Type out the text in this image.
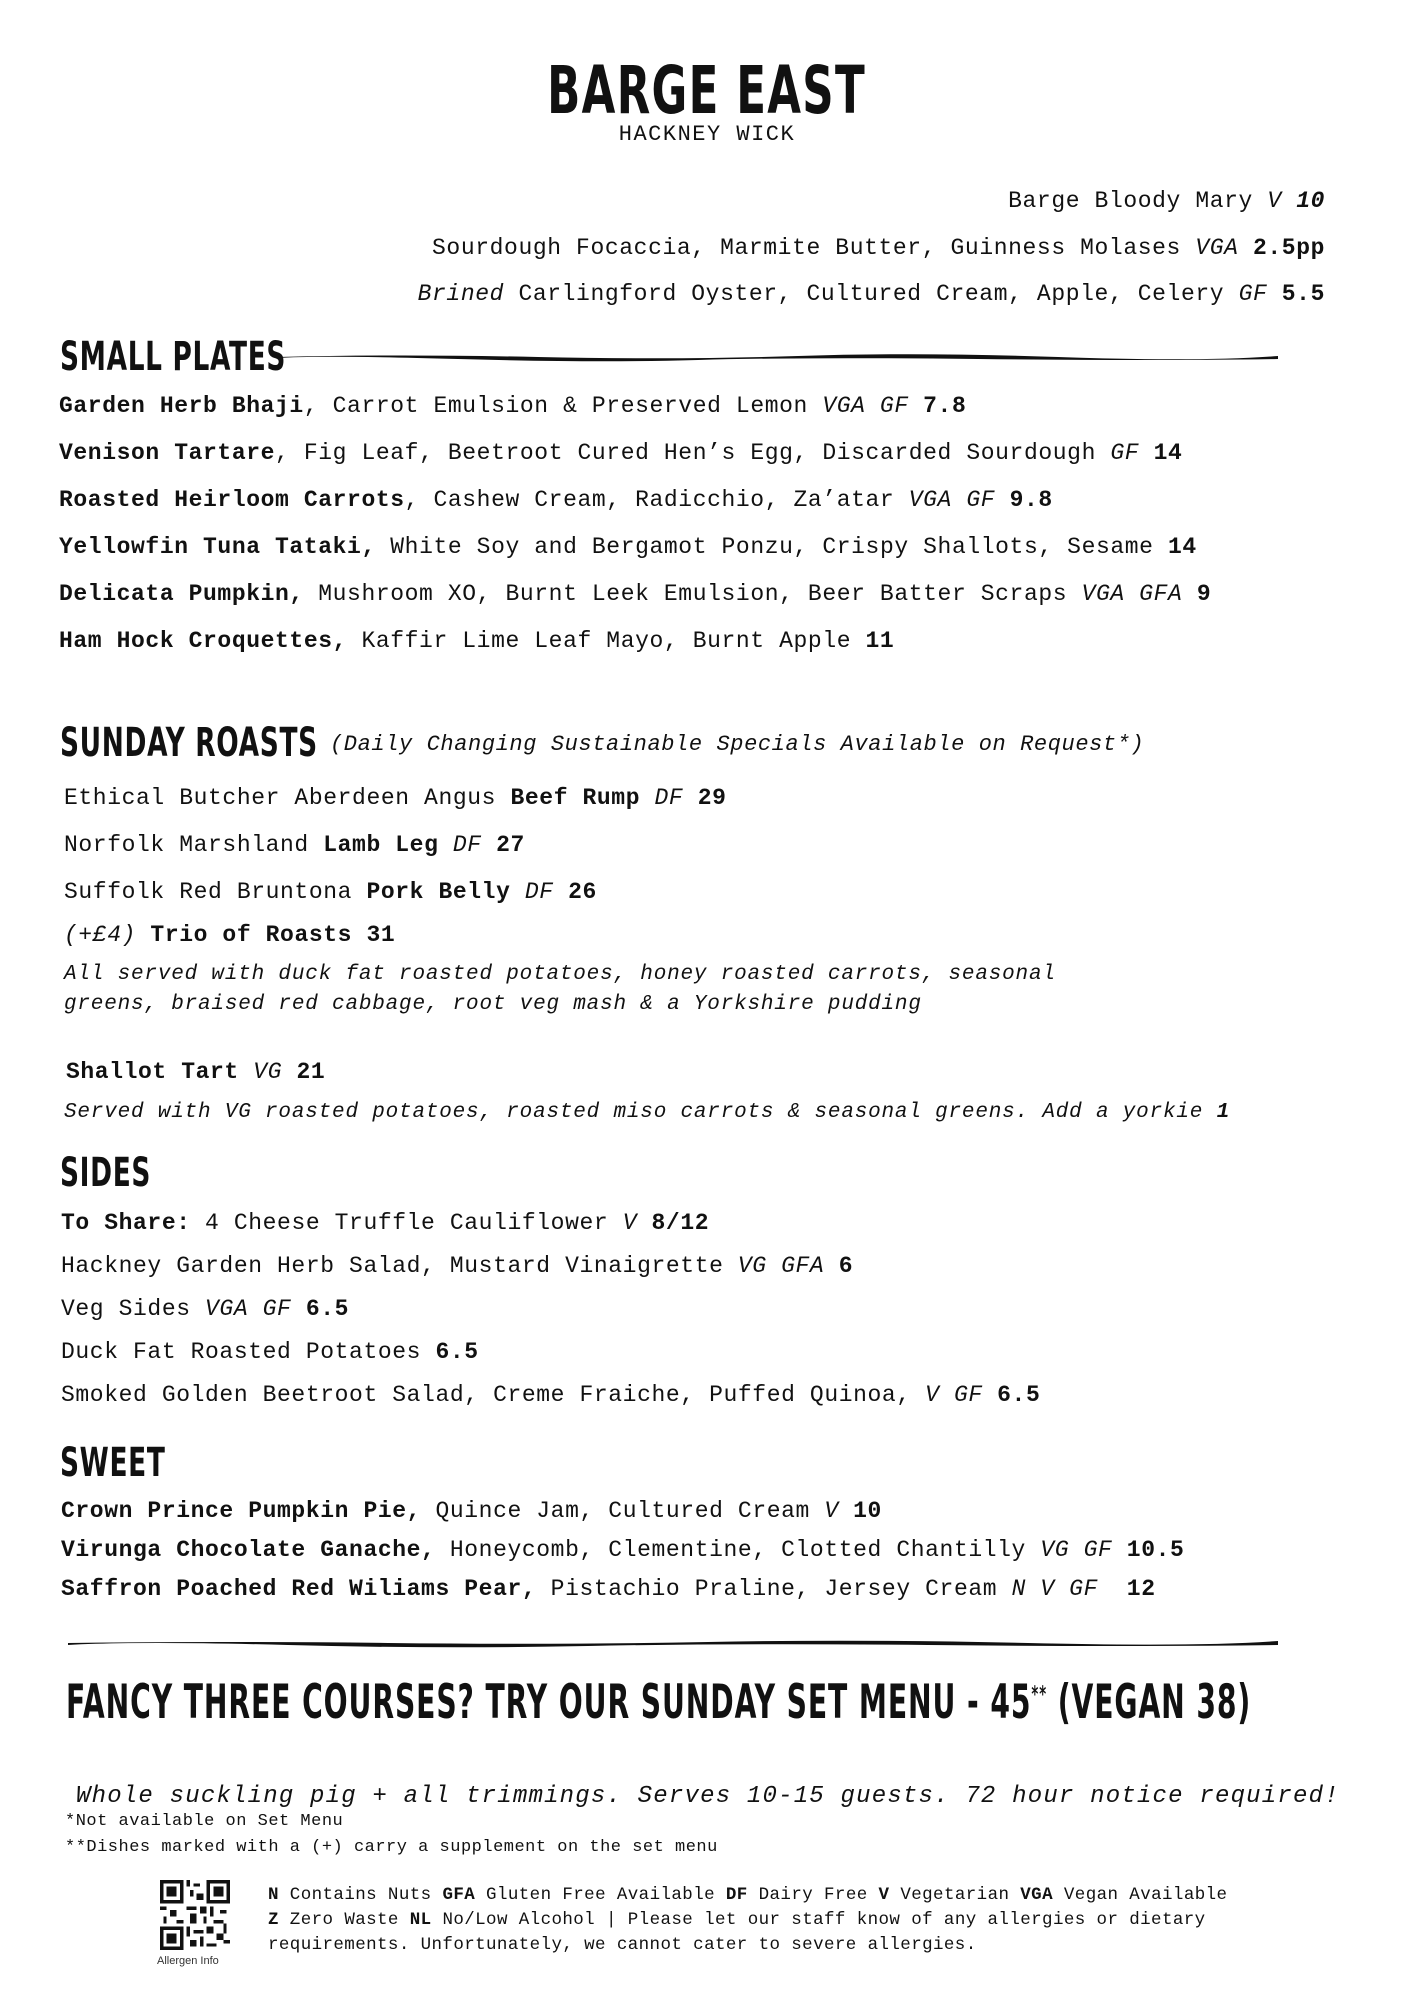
BARGE EAST
HACKNEY WICK
Barge Bloody Mary V 10
Sourdough Focaccia, Marmite Butter, Guinness Molases VGA 2.5pp
Brined Carlingford Oyster, Cultured Cream, Apple, Celery GF 5.5
SMALL PLATES
Garden Herb Bhaji, Carrot Emulsion & Preserved Lemon VGA GF 7.8
Venison Tartare, Fig Leaf, Beetroot Cured Hen’s Egg, Discarded Sourdough GF 14
Roasted Heirloom Carrots, Cashew Cream, Radicchio, Za’atar VGA GF 9.8
Yellowfin Tuna Tataki, White Soy and Bergamot Ponzu, Crispy Shallots, Sesame 14
Delicata Pumpkin, Mushroom XO, Burnt Leek Emulsion, Beer Batter Scraps VGA GFA 9
Ham Hock Croquettes, Kaffir Lime Leaf Mayo, Burnt Apple 11
SUNDAY ROASTS (Daily Changing Sustainable Specials Available on Request*)
Ethical Butcher Aberdeen Angus Beef Rump DF 29
Norfolk Marshland Lamb Leg DF 27
Suffolk Red Bruntona Pork Belly DF 26
(+£4) Trio of Roasts 31
All served with duck fat roasted potatoes, honey roasted carrots, seasonal
greens, braised red cabbage, root veg mash & a Yorkshire pudding
Shallot Tart VG 21
Served with VG roasted potatoes, roasted miso carrots & seasonal greens. Add a yorkie 1
SIDES
To Share: 4 Cheese Truffle Cauliflower V 8/12
Hackney Garden Herb Salad, Mustard Vinaigrette VG GFA 6
Veg Sides VGA GF 6.5
Duck Fat Roasted Potatoes 6.5
Smoked Golden Beetroot Salad, Creme Fraiche, Puffed Quinoa, V GF 6.5
SWEET
Crown Prince Pumpkin Pie, Quince Jam, Cultured Cream V 10
Virunga Chocolate Ganache, Honeycomb, Clementine, Clotted Chantilly VG GF 10.5
Saffron Poached Red Wiliams Pear, Pistachio Praline, Jersey Cream N V GF 12
FANCY THREE COURSES? TRY OUR SUNDAY SET MENU - 45** (VEGAN 38)
Whole suckling pig + all trimmings. Serves 10-15 guests. 72 hour notice required!
*Not available on Set Menu
**Dishes marked with a (+) carry a supplement on the set menu
Allergen Info
N Contains Nuts GFA Gluten Free Available DF Dairy Free V Vegetarian VGA Vegan Available
Z Zero Waste NL No/Low Alcohol | Please let our staff know of any allergies or dietary
requirements. Unfortunately, we cannot cater to severe allergies.
